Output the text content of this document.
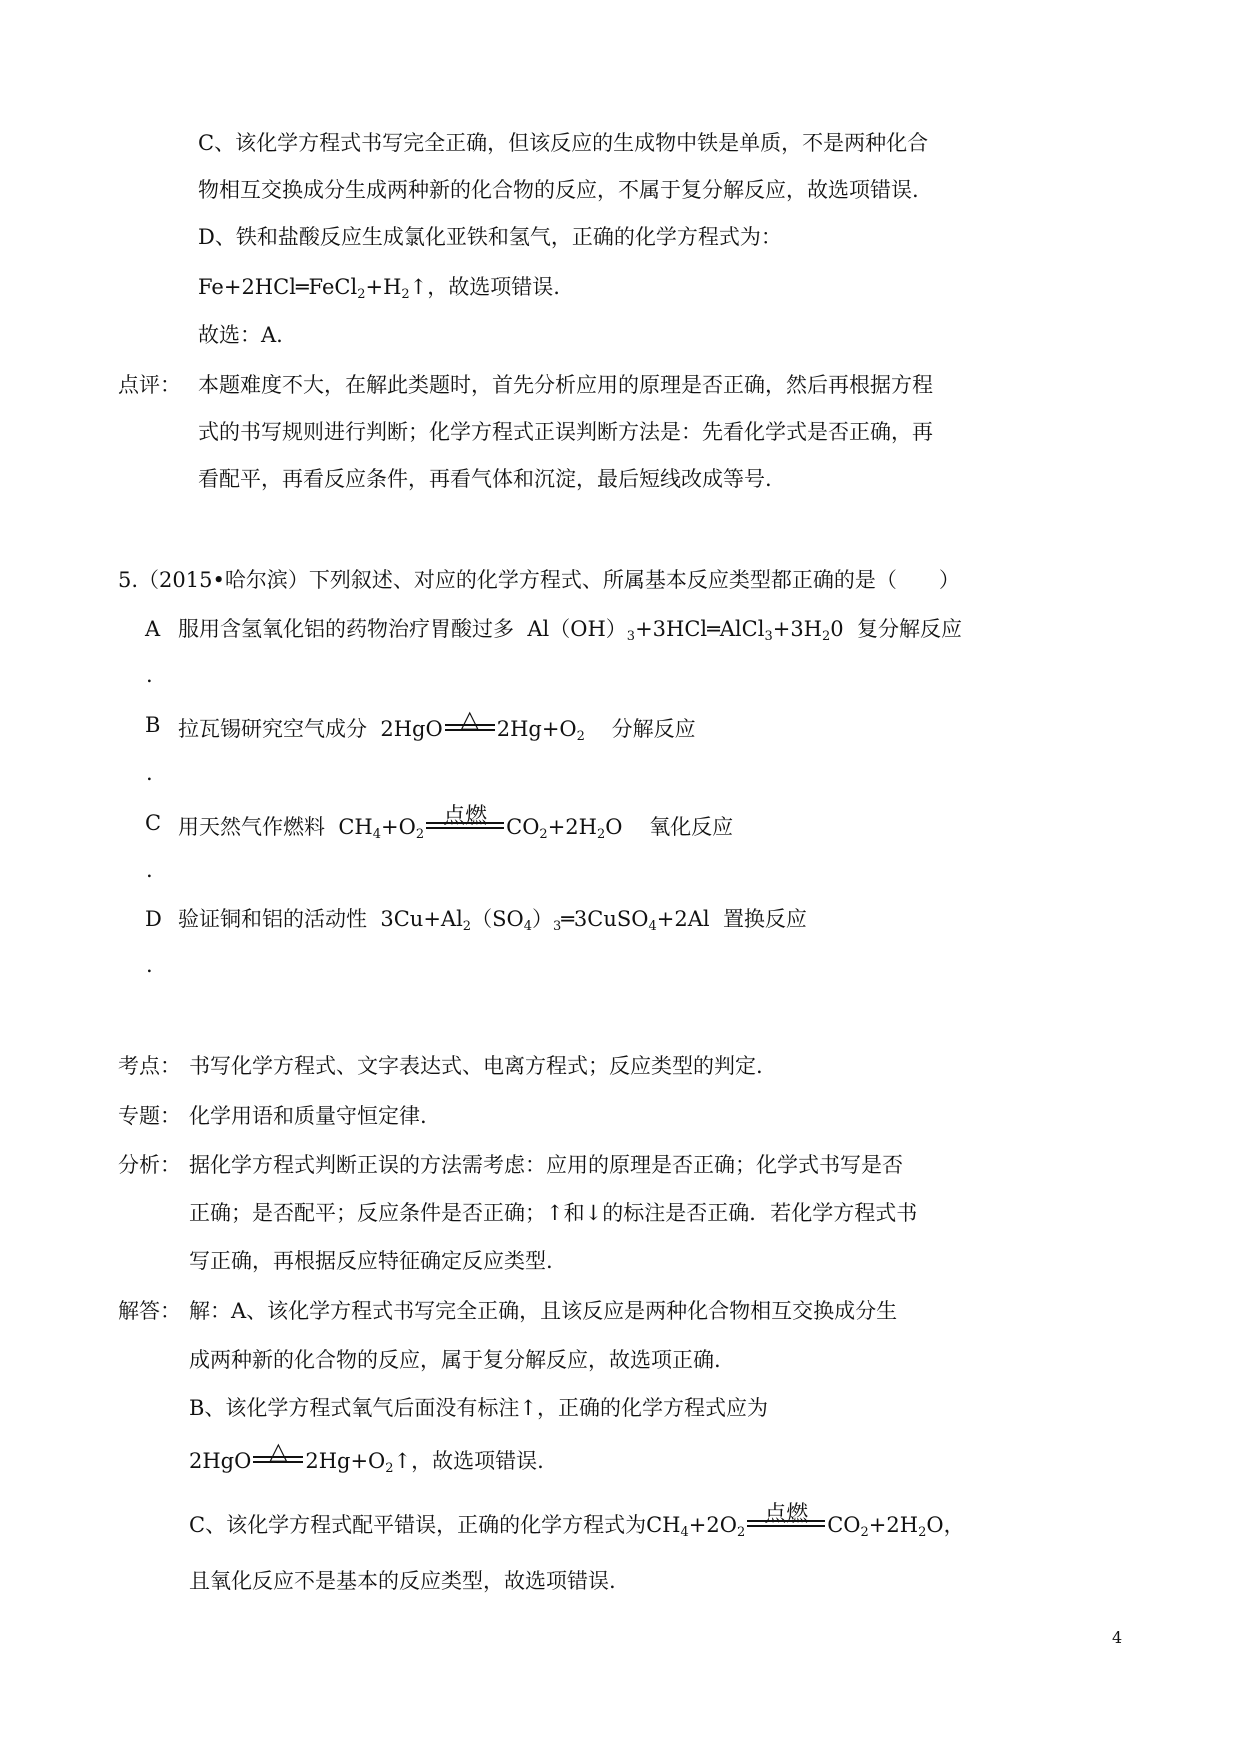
C、该化学方程式书写完全正确，但该反应的生成物中铁是单质，不是两种化合
物相互交换成分生成两种新的化合物的反应，不属于复分解反应，故选项错误.
D、铁和盐酸反应生成氯化亚铁和氢气，正确的化学方程式为：
$Fe+2HCl═FeCl_2+H_2↑$，故选项错误.
故选：A.
点评： 本题难度不大，在解此类题时，首先分析应用的原理是否正确，然后再根据方程
式的书写规则进行判断；化学方程式正误判断方法是：先看化学式是否正确，再
看配平，再看反应条件，再看气体和沉淀，最后短线改成等号.
5.（2015•哈尔滨）下列叙述、对应的化学方程式、所属基本反应类型都正确的是（　　）
A 服用含氢氧化铝的药物治疗胃酸过多 $Al(OH)_3+3HCl═AlCl_3+3H_20$ 复分解反应
.
B 拉瓦锡研究空气成分 2HgO △ $2Hg+O_2$ 分解反应
.
C 用天然气作燃料 $CH_4+O_2$
点燃 $CO_2+2H_2O$ 氧化反应
.
D 验证铜和铝的活动性 $3Cu+Al_2(SO_4)_3═3CuSO_4+2Al$ 置换反应
.
考点： 书写化学方程式、文字表达式、电离方程式；反应类型的判定.
专题： 化学用语和质量守恒定律.
分析： 据化学方程式判断正误的方法需考虑：应用的原理是否正确；化学式书写是否
正确；是否配平；反应条件是否正确；↑和↓的标注是否正确．若化学方程式书
写正确，再根据反应特征确定反应类型.
解答： 解：A、该化学方程式书写完全正确，且该反应是两种化合物相互交换成分生
成两种新的化合物的反应，属于复分解反应，故选项正确.
B、该化学方程式氧气后面没有标注↑，正确的化学方程式应为
2HgO △ $2Hg+O_2↑$，故选项错误.
C、该化学方程式配平错误，正确的化学方程式为$CH_4+2O_2$
点燃 $CO_2+2H_2O$，
且氧化反应不是基本的反应类型，故选项错误.
4
